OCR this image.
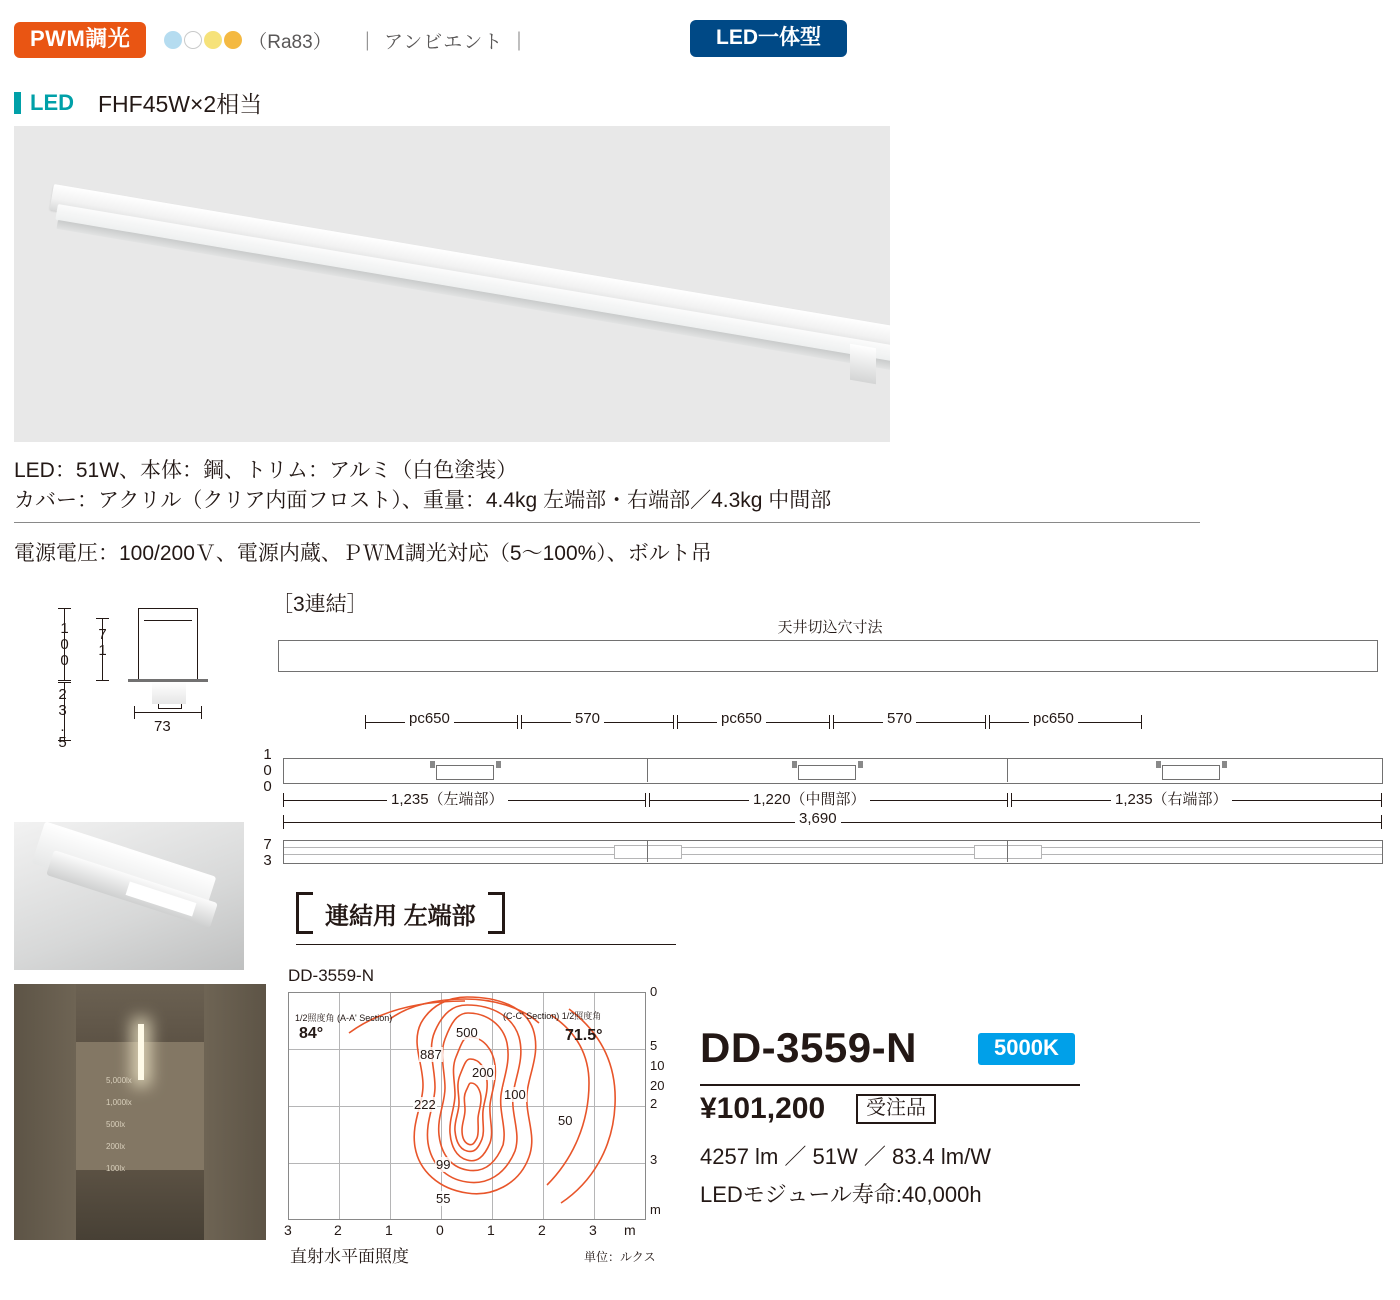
PWM調光	（Ra83） ｜ アンビエント ｜	LED一体型
LED FHF45W×2相当
LED：51W、本体：鋼、トリム：アルミ（白色塗装）
カバー：アクリル（クリア内面フロスト）、重量：4.4kg 左端部・右端部／4.3kg 中間部
電源電圧：100/200Ｖ、電源内蔵、ＰＷＭ調光対応（5〜100%）、ボルト吊
100 71
23.5	73
［3連結］
天井切込穴寸法
pc650	570	pc650	570	pc650
100
1,235（左端部）	1,220（中間部）	1,235（右端部）
3,690
73
連結用 左端部
5,000lx
1,000lx
500lx
200lx
100lx
DD-3559-N
1/2照度角 (A-A' Section)	(C-C' Section) 1/2照度角
84°	71.5°
500
887
200
100
222
50
99
55
0
5
10
20
2
3
3	2	1	0	1	2	3 m
m
直射水平面照度	単位：ルクス
DD-3559-N	5000K
¥101,200	受注品
4257 lm ／ 51W ／ 83.4 lm/W
LEDモジュール寿命:40,000h
